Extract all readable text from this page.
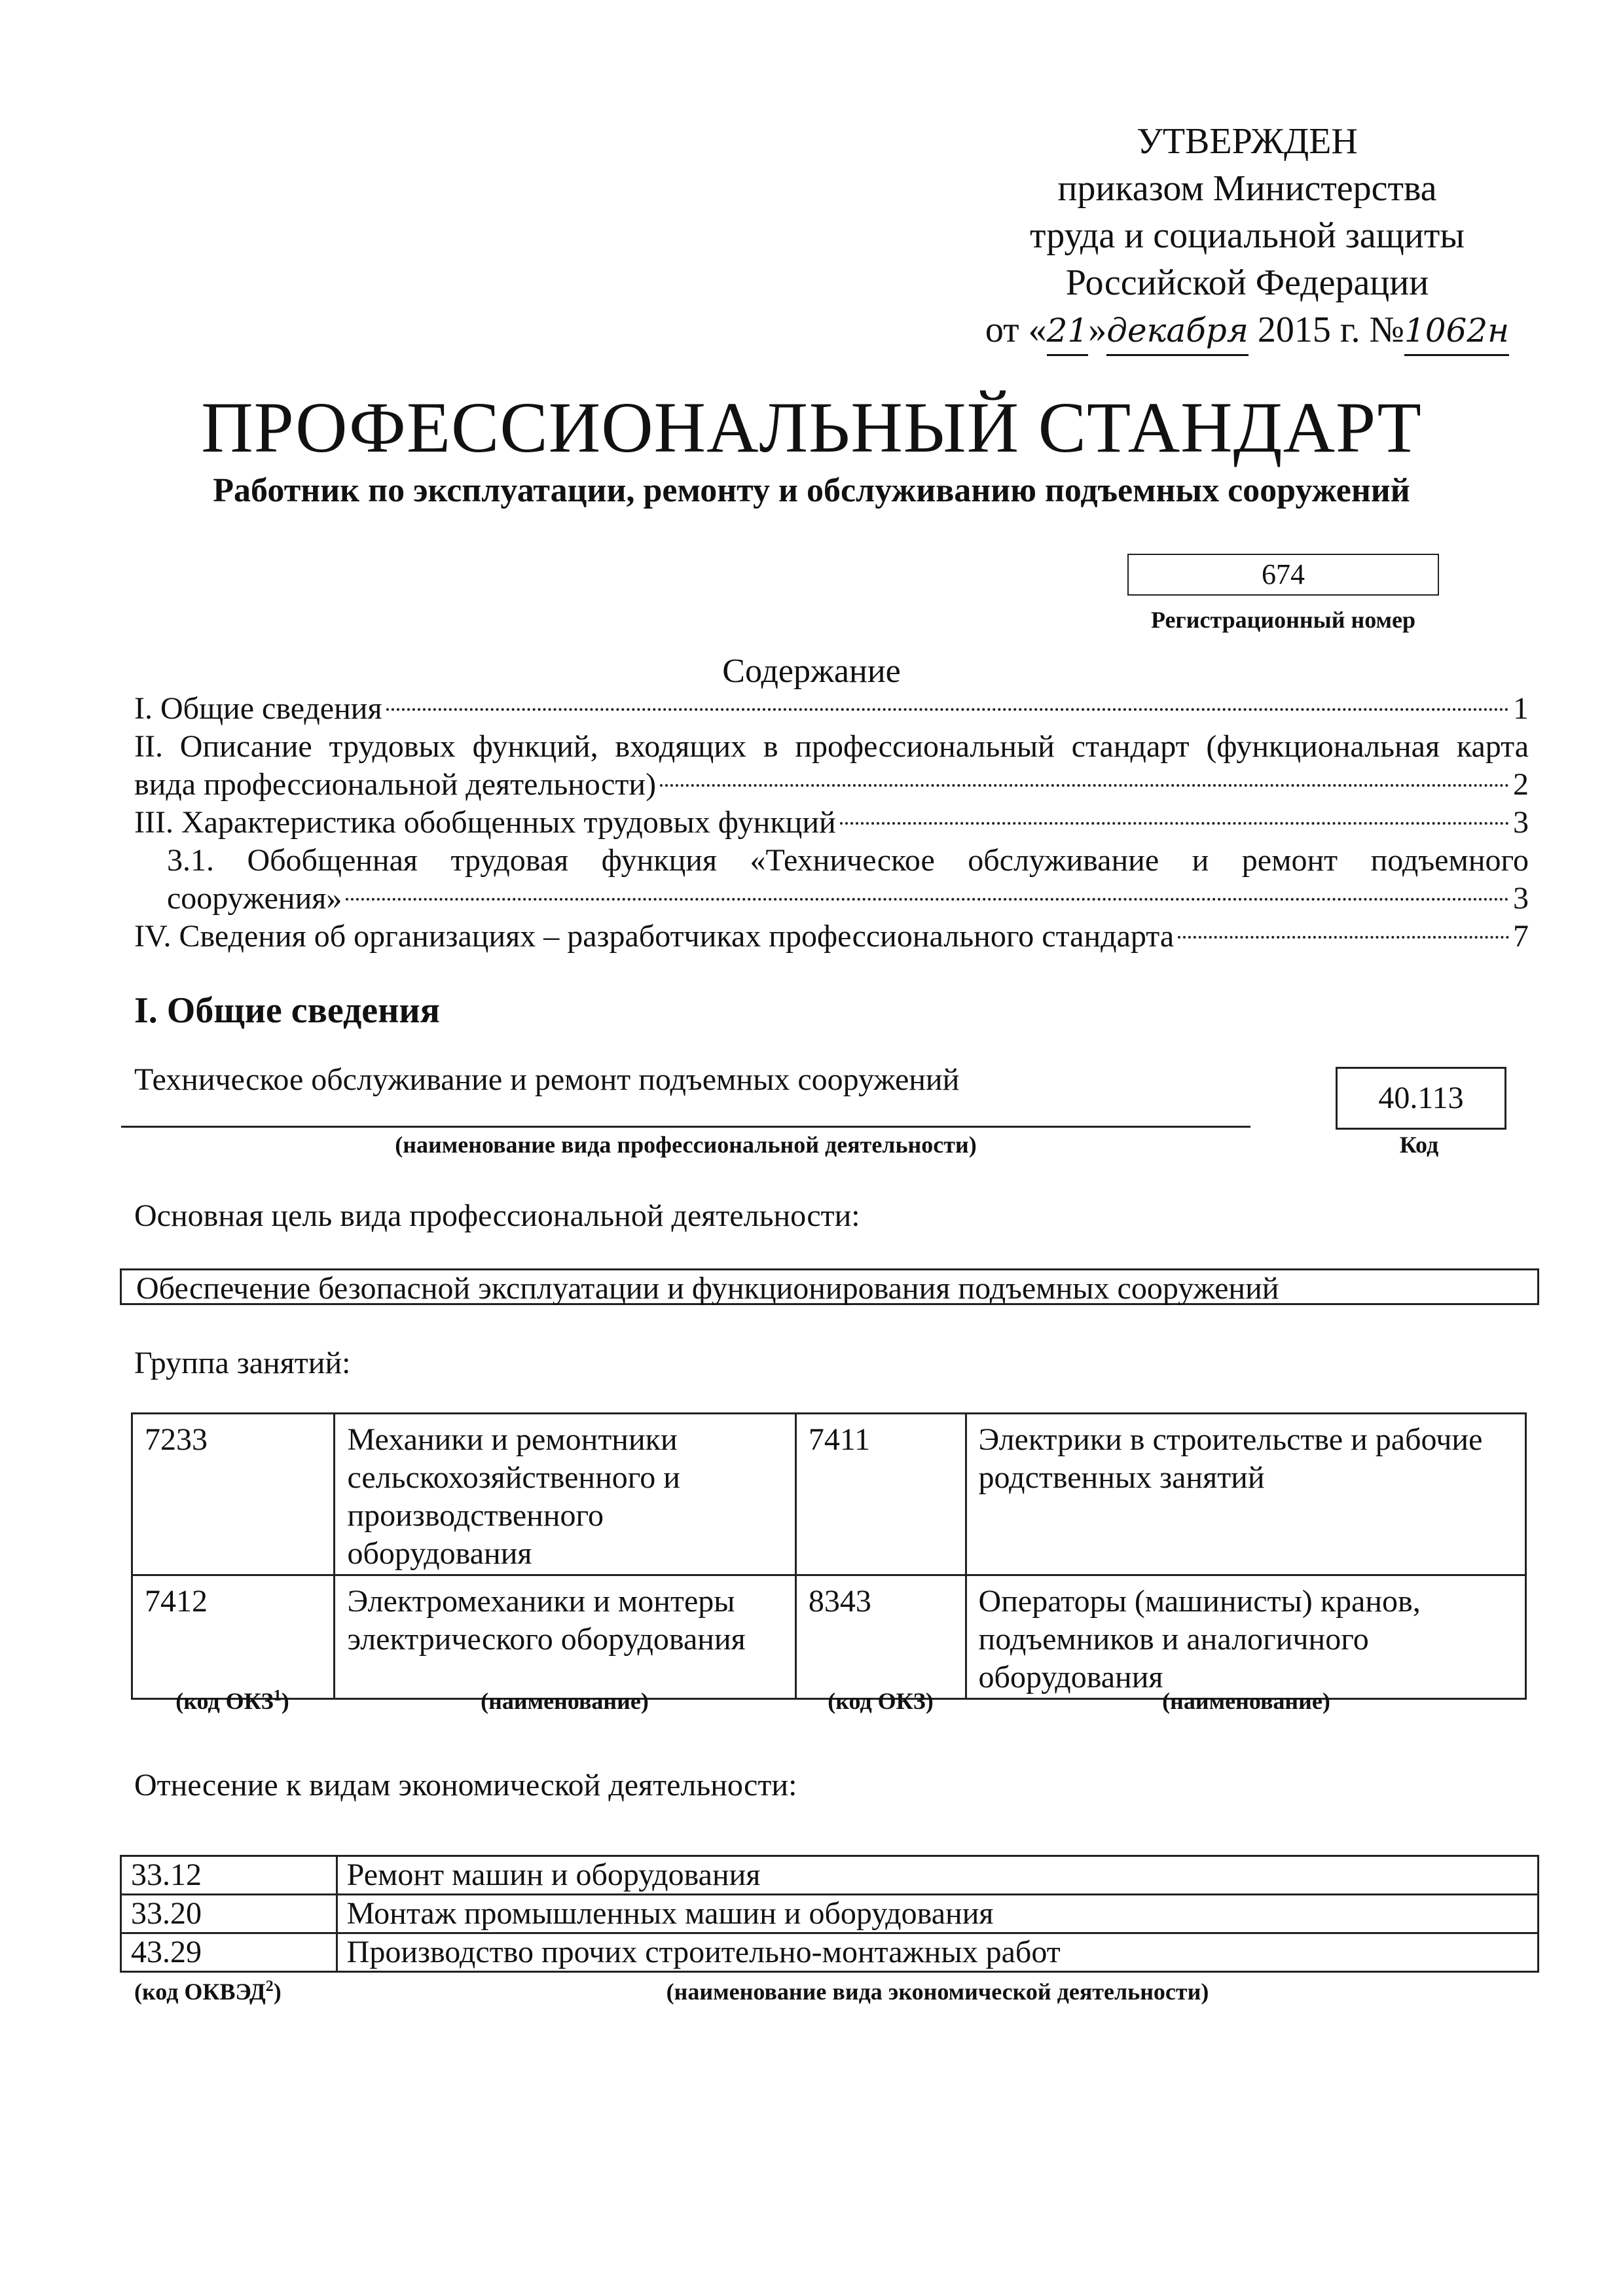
УТВЕРЖДЕН
приказом Министерства
труда и социальной защиты
Российской Федерации
от «21»декабря 2015 г. №1062н
ПРОФЕССИОНАЛЬНЫЙ СТАНДАРТ
Работник по эксплуатации, ремонту и обслуживанию подъемных сооружений
674
Регистрационный номер
Содержание
I. Общие сведения	1
II. Описание трудовых функций, входящих в профессиональный стандарт (функциональная карта
вида профессиональной деятельности)	2
III. Характеристика обобщенных трудовых функций	3
3.1. Обобщенная трудовая функция «Техническое обслуживание и ремонт подъемного
сооружения»	3
IV. Сведения об организациях – разработчиках профессионального стандарта	7
I. Общие сведения
Техническое обслуживание и ремонт подъемных сооружений
(наименование вида профессиональной деятельности)
40.113
Код
Основная цель вида профессиональной деятельности:
Обеспечение безопасной эксплуатации и функционирования подъемных сооружений
Группа занятий:
7233	Механики и ремонтники сельскохозяйственного и производственного оборудования	7411	Электрики в строительстве и рабочие родственных занятий
7412	Электромеханики и монтеры электрического оборудования	8343	Операторы (машинисты) кранов, подъемников и аналогичного оборудования
(код ОКЗ$^1$)	(наименование)	(код ОКЗ)	(наименование)
Отнесение к видам экономической деятельности:
33.12	Ремонт машин и оборудования
33.20	Монтаж промышленных машин и оборудования
43.29	Производство прочих строительно-монтажных работ
(код ОКВЭД$^2$)	(наименование вида экономической деятельности)
